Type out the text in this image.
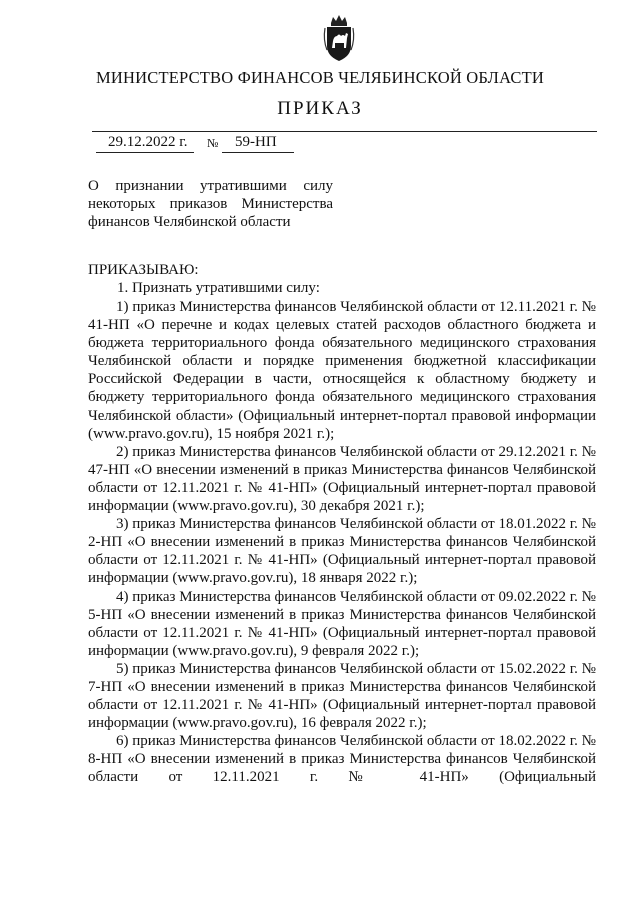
МИНИСТЕРСТВО ФИНАНСОВ ЧЕЛЯБИНСКОЙ ОБЛАСТИ
ПРИКАЗ
29.12.2022 г. № 59-НП
О признании утратившими силу некоторых приказов Министерства финансов Челябинской области
ПРИКАЗЫВАЮ:
1. Признать утратившими силу:

1) приказ Министерства финансов Челябинской области от 12.11.2021 г. № 41-НП «О перечне и кодах целевых статей расходов областного бюджета и бюджета территориального фонда обязательного медицинского страхования Челябинской области и порядке применения бюджетной классификации Российской Федерации в части, относящейся к областному бюджету и бюджету территориального фонда обязательного медицинского страхования Челябинской области» (Официальный интернет-портал правовой информации (www.pravo.gov.ru), 15 ноября 2021 г.);

2) приказ Министерства финансов Челябинской области от 29.12.2021 г. № 47-НП «О внесении изменений в приказ Министерства финансов Челябинской области от 12.11.2021 г. № 41-НП» (Официальный интернет-портал правовой информации (www.pravo.gov.ru), 30 декабря 2021 г.);

3) приказ Министерства финансов Челябинской области от 18.01.2022 г. № 2-НП «О внесении изменений в приказ Министерства финансов Челябинской области от 12.11.2021 г. № 41-НП» (Официальный интернет-портал правовой информации (www.pravo.gov.ru), 18 января 2022 г.);

4) приказ Министерства финансов Челябинской области от 09.02.2022 г. № 5-НП «О внесении изменений в приказ Министерства финансов Челябинской области от 12.11.2021 г. № 41-НП» (Официальный интернет-портал правовой информации (www.pravo.gov.ru), 9 февраля 2022 г.);

5) приказ Министерства финансов Челябинской области от 15.02.2022 г. № 7-НП «О внесении изменений в приказ Министерства финансов Челябинской области от 12.11.2021 г. № 41-НП» (Официальный интернет-портал правовой информации (www.pravo.gov.ru), 16 февраля 2022 г.);

6) приказ Министерства финансов Челябинской области от 18.02.2022 г. № 8-НП «О внесении изменений в приказ Министерства финансов Челябинской области от 12.11.2021 г. № 41-НП» (Официальный
